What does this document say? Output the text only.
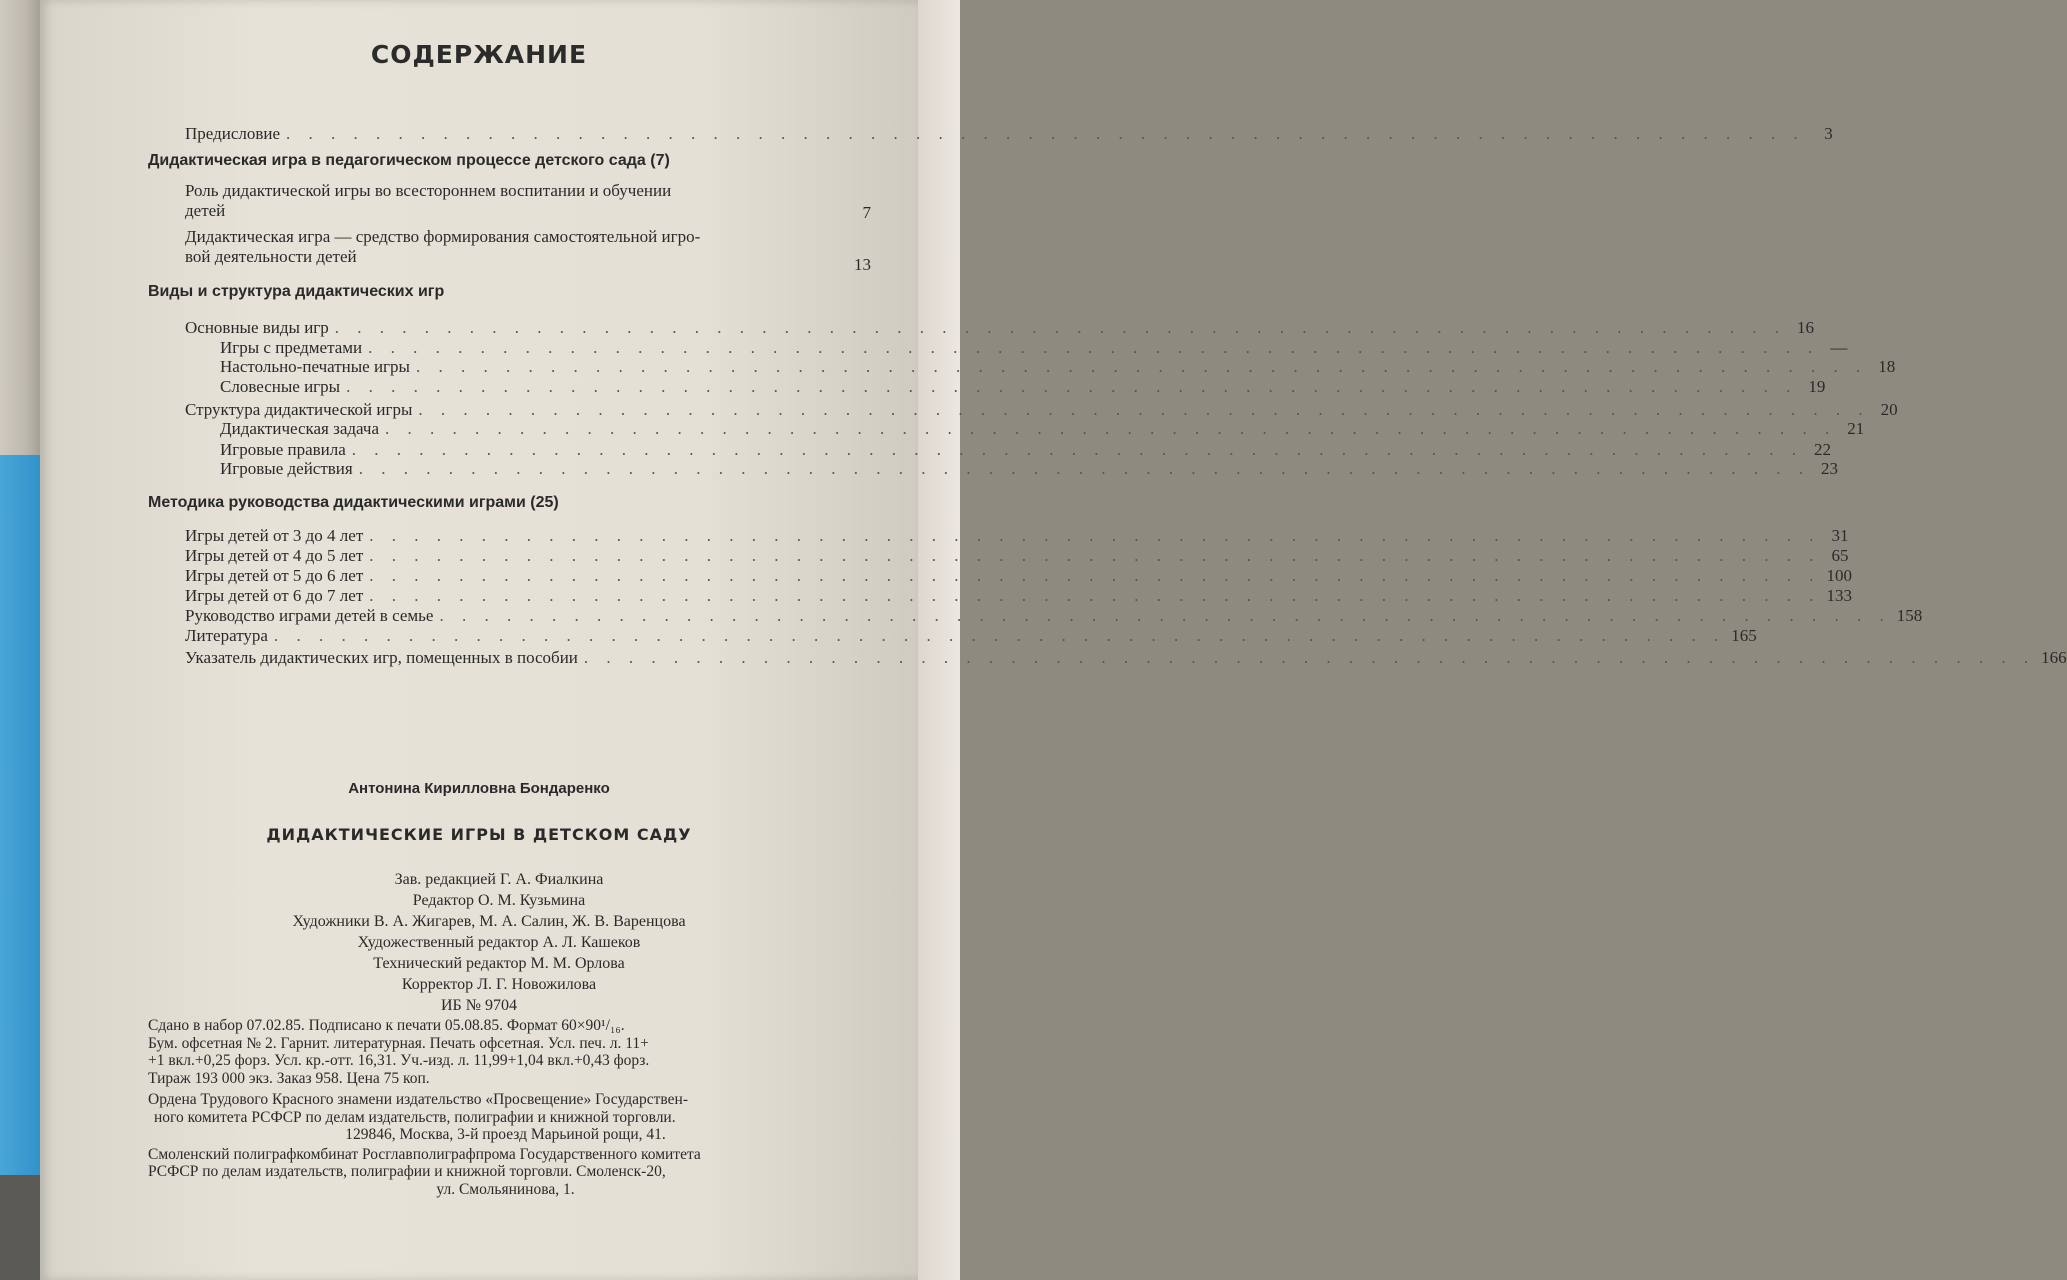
СОДЕРЖАНИЕ
Предисловие . . . . . . . . . . . . . . . . . . . . . . . . . . . . . . . . . . . . . . . . . . . . . . . . . . . . . . . . . . . . . . . . . . . .	3
Дидактическая игра в педагогическом процессе детского сада (7)
Роль дидактической игры во всестороннем воспитании и обучении
детей	7
Дидактическая игра — средство формирования самостоятельной игро-
вой деятельности детей	13
Виды и структура дидактических игр
Основные виды игр . . . . . . . . . . . . . . . . . . . . . . . . . . . . . . . . . . . . . . . . . . . . . . . . . . . . . . . . . . . . . . . . . 16
Игры с предметами . . . . . . . . . . . . . . . . . . . . . . . . . . . . . . . . . . . . . . . . . . . . . . . . . . . . . . . . . . . . . . . . . —
Настольно-печатные игры . . . . . . . . . . . . . . . . . . . . . . . . . . . . . . . . . . . . . . . . . . . . . . . . . . . . . . . . . . . . . . . . . 18
Словесные игры . . . . . . . . . . . . . . . . . . . . . . . . . . . . . . . . . . . . . . . . . . . . . . . . . . . . . . . . . . . . . . . . . 19
Структура дидактической игры . . . . . . . . . . . . . . . . . . . . . . . . . . . . . . . . . . . . . . . . . . . . . . . . . . . . . . . . . . . . . . . . . 20
Дидактическая задача . . . . . . . . . . . . . . . . . . . . . . . . . . . . . . . . . . . . . . . . . . . . . . . . . . . . . . . . . . . . . . . . . 21
Игровые правила . . . . . . . . . . . . . . . . . . . . . . . . . . . . . . . . . . . . . . . . . . . . . . . . . . . . . . . . . . . . . . . . . 22
Игровые действия . . . . . . . . . . . . . . . . . . . . . . . . . . . . . . . . . . . . . . . . . . . . . . . . . . . . . . . . . . . . . . . . . 23
Методика руководства дидактическими играми (25)
Игры детей от 3 до 4 лет . . . . . . . . . . . . . . . . . . . . . . . . . . . . . . . . . . . . . . . . . . . . . . . . . . . . . . . . . . . . . . . . . 31
Игры детей от 4 до 5 лет . . . . . . . . . . . . . . . . . . . . . . . . . . . . . . . . . . . . . . . . . . . . . . . . . . . . . . . . . . . . . . . . . 65
Игры детей от 5 до 6 лет . . . . . . . . . . . . . . . . . . . . . . . . . . . . . . . . . . . . . . . . . . . . . . . . . . . . . . . . . . . . . . . . . 100
Игры детей от 6 до 7 лет . . . . . . . . . . . . . . . . . . . . . . . . . . . . . . . . . . . . . . . . . . . . . . . . . . . . . . . . . . . . . . . . . 133
Руководство играми детей в семье . . . . . . . . . . . . . . . . . . . . . . . . . . . . . . . . . . . . . . . . . . . . . . . . . . . . . . . . . . . . . . . . . 158
Литература . . . . . . . . . . . . . . . . . . . . . . . . . . . . . . . . . . . . . . . . . . . . . . . . . . . . . . . . . . . . . . . . . 165
Указатель дидактических игр, помещенных в пособии . . . . . . . . . . . . . . . . . . . . . . . . . . . . . . . . . . . . . . . . . . . . . . . . . . . . . . . . . . . . . . . . . 166
Антонина Кирилловна Бондаренко
ДИДАКТИЧЕСКИЕ ИГРЫ В ДЕТСКОМ САДУ
Зав. редакцией Г. А. Фиалкина
Редактор О. М. Кузьмина
Художники В. А. Жигарев, М. А. Салин, Ж. В. Варенцова
Художественный редактор А. Л. Кашеков
Технический редактор М. М. Орлова
Корректор Л. Г. Новожилова
ИБ № 9704
Сдано в набор 07.02.85. Подписано к печати 05.08.85. Формат 60×90¹/₁₆.
Бум. офсетная № 2. Гарнит. литературная. Печать офсетная. Усл. печ. л. 11+
+1 вкл.+0,25 форз. Усл. кр.-отт. 16,31. Уч.-изд. л. 11,99+1,04 вкл.+0,43 форз.
Тираж 193 000 экз. Заказ 958. Цена 75 коп.
Ордена Трудового Красного знамени издательство «Просвещение» Государствен-
ного комитета РСФСР по делам издательств, полиграфии и книжной торговли.
129846, Москва, 3-й проезд Марьиной рощи, 41.
Смоленский полиграфкомбинат Росглавполиграфпрома Государственного комитета
РСФСР по делам издательств, полиграфии и книжной торговли. Смоленск-20,
ул. Смольянинова, 1.
